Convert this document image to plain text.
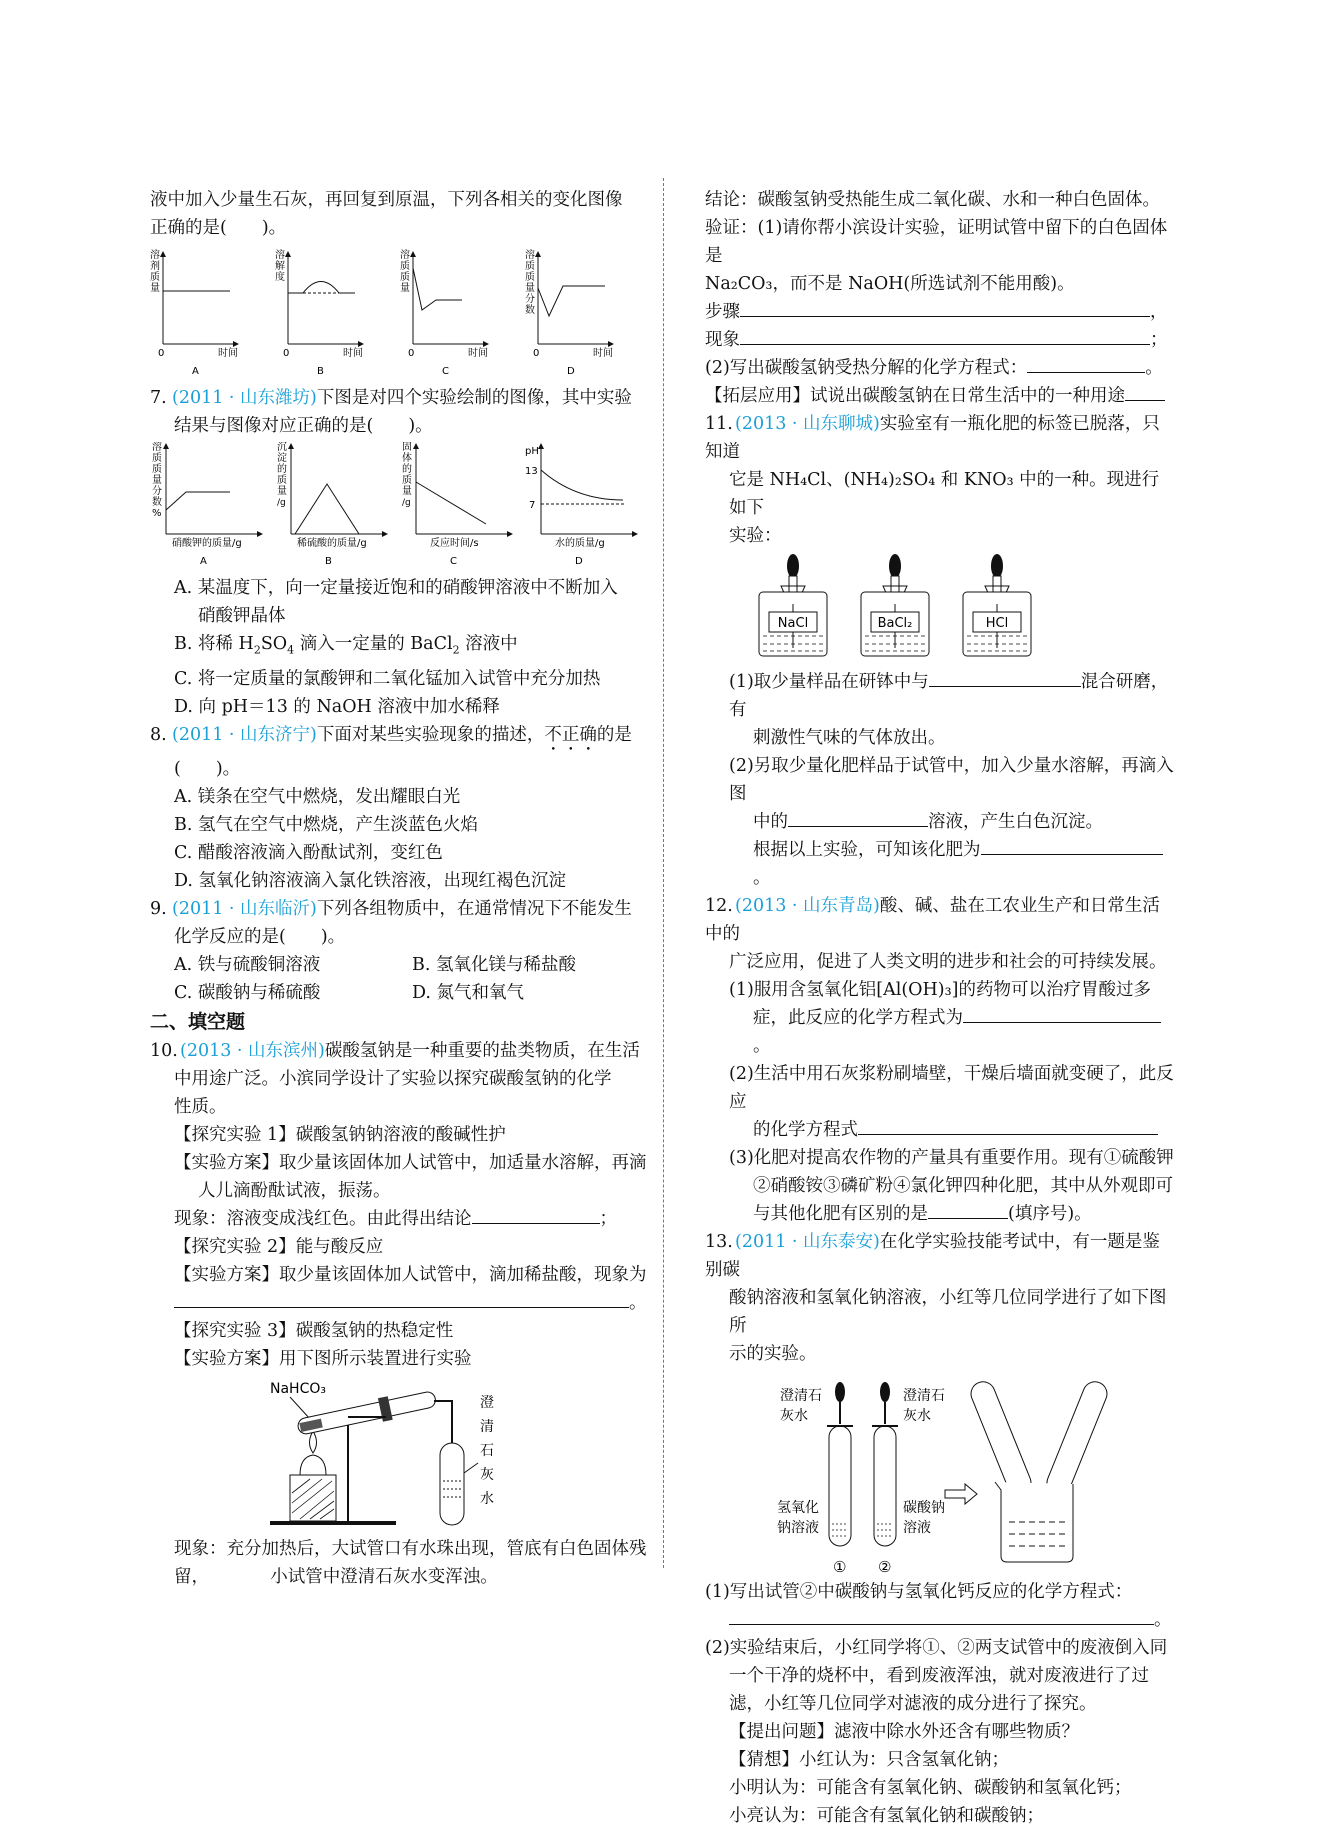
液中加入少量生石灰，再回复到原温，下列各相关的变化图像

正确的是(　　)。

溶
剂
质
量
0	时间
A
溶
解
度
0	时间
B
溶
质
质
量
0	时间
C
溶
质
质
量
分
数
0	时间
D

7. (2011 · 山东潍坊)下图是对四个实验绘制的图像，其中实验

结果与图像对应正确的是(　　)。

溶
质
质
量
分
数
%
硝酸钾的质量/g
A
沉
淀
的
质
量
/g
稀硫酸的质量/g
B
固
体
的
质
量
/g
反应时间/s
C
pH
13
7
水的质量/g
D

A. 某温度下，向一定量接近饱和的硝酸钾溶液中不断加入

硝酸钾晶体

B. 将稀 $H_2SO_4$ 滴入一定量的 BaCl$_2$ 溶液中

C. 将一定质量的氯酸钾和二氧化锰加入试管中充分加热

D. 向 pH＝13 的 NaOH 溶液中加水稀释

8. (2011 · 山东济宁)下面对某些实验现象的描述，不正确的是

(　　)。

A. 镁条在空气中燃烧，发出耀眼白光

B. 氢气在空气中燃烧，产生淡蓝色火焰

C. 醋酸溶液滴入酚酞试剂，变红色

D. 氢氧化钠溶液滴入氯化铁溶液，出现红褐色沉淀

9. (2011 · 山东临沂)下列各组物质中，在通常情况下不能发生

化学反应的是(　　)。

A. 铁与硫酸铜溶液	B. 氢氧化镁与稀盐酸

C. 碳酸钠与稀硫酸	D. 氮气和氧气

二、填空题

10. (2013 · 山东滨州)碳酸氢钠是一种重要的盐类物质，在生活

中用途广泛。小滨同学设计了实验以探究碳酸氢钠的化学

性质。

【探究实验 1】碳酸氢钠钠溶液的酸碱性护

【实验方案】取少量该固体加人试管中，加适量水溶解，再滴

人儿滴酚酞试液，振荡。

现象：溶液变成浅红色。由此得出结论	；

【探究实验 2】能与酸反应

【实验方案】取少量该固体加人试管中，滴加稀盐酸，现象为

。

【探究实验 3】碳酸氢钠的热稳定性

【实验方案】用下图所示装置进行实验

NaHCO₃
澄
清
石
灰
水

现象：充分加热后，大试管口有水珠出现，管底有白色固体残

留，　　　　小试管中澄清石灰水变浑浊。

结论：碳酸氢钠受热能生成二氧化碳、水和一种白色固体。

验证：(1)请你帮小滨设计实验，证明试管中留下的白色固体

是

Na₂CO₃，而不是 NaOH(所选试剂不能用酸)。

步骤	，

现象	；

(2)写出碳酸氢钠受热分解的化学方程式：	。

【拓层应用】试说出碳酸氢钠在日常生活中的一种用途

11. (2013 · 山东聊城)实验室有一瓶化肥的标签已脱落，只知道

它是 NH₄Cl、(NH₄)₂SO₄ 和 KNO₃ 中的一种。现进行如下

实验：

NaCl	BaCl₂	HCl

(1)取少量样品在研钵中与	混合研磨，有

刺激性气味的气体放出。

(2)另取少量化肥样品于试管中，加入少量水溶解，再滴入图

中的	溶液，产生白色沉淀。

根据以上实验，可知该化肥为。

12. (2013 · 山东青岛)酸、碱、盐在工农业生产和日常生活中的

广泛应用，促进了人类文明的进步和社会的可持续发展。

(1)服用含氢氧化铝[Al(OH)₃]的药物可以治疗胃酸过多

症，此反应的化学方程式为。

(2)生活中用石灰浆粉刷墙壁，干燥后墙面就变硬了，此反应

的化学方程式

(3)化肥对提高农作物的产量具有重要作用。现有①硫酸钾

②硝酸铵③磷矿粉④氯化钾四种化肥，其中从外观即可

与其他化肥有区别的是	(填序号)。

13. (2011 · 山东泰安)在化学实验技能考试中，有一题是鉴别碳

酸钠溶液和氢氧化钠溶液，小红等几位同学进行了如下图所

示的实验。

澄清石
灰水
氢氧化
钠溶液
①
澄清石
灰水
碳酸钠
溶液
②

(1)写出试管②中碳酸钠与氢氧化钙反应的化学方程式：

。

(2)实验结束后，小红同学将①、②两支试管中的废液倒入同

一个干净的烧杯中，看到废液浑浊，就对废液进行了过

滤，小红等几位同学对滤液的成分进行了探究。

【提出问题】滤液中除水外还含有哪些物质？

【猜想】小红认为：只含氢氧化钠；

小明认为：可能含有氢氧化钠、碳酸钠和氢氧化钙；

小亮认为：可能含有氢氧化钠和碳酸钠；
